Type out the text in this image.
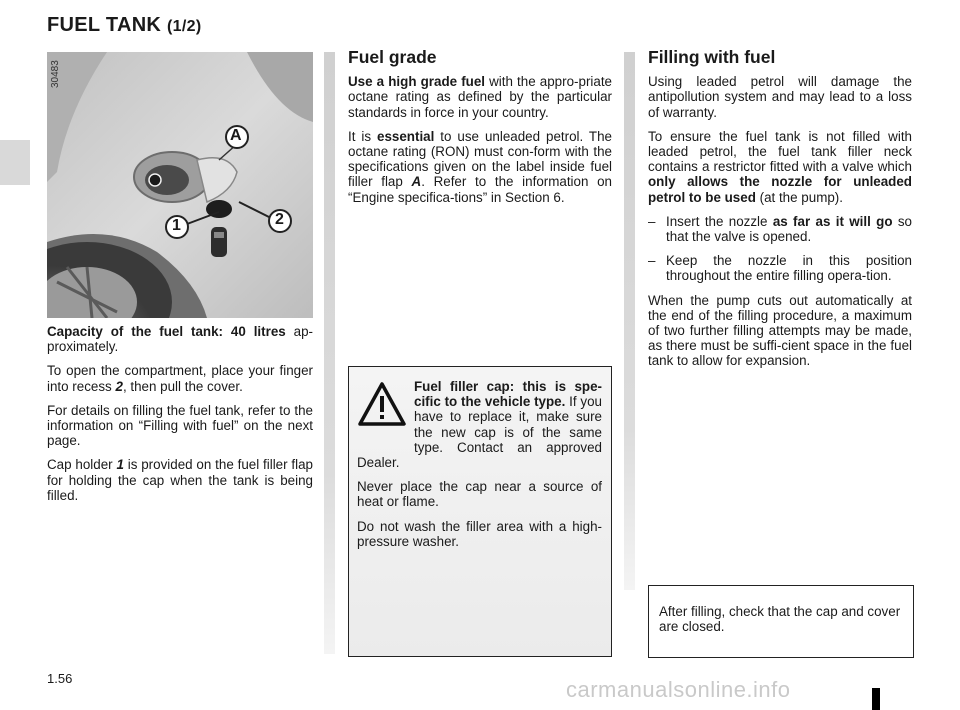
FUEL TANK (1/2)
A
1	2
30483

Capacity of the fuel tank: 40 litres ap-proximately.

To open the compartment, place your finger into recess 2, then pull the cover.

For details on filling the fuel tank, refer to the information on “Filling with fuel” on the next page.

Cap holder 1 is provided on the fuel filler flap for holding the cap when the tank is being filled.

Fuel grade

Use a high grade fuel with the appro-priate octane rating as defined by the particular standards in force in your country.

It is essential to use unleaded petrol. The octane rating (RON) must con-form with the specifications given on the label inside fuel filler flap A. Refer to the information on “Engine specifica-tions” in Section 6.

Fuel filler cap: this is spe-cific to the vehicle type. If you have to replace it, make sure the new cap is of the same type. Contact an approved Dealer.

Never place the cap near a source of heat or flame.

Do not wash the filler area with a high-pressure washer.

Filling with fuel

Using leaded petrol will damage the antipollution system and may lead to a loss of warranty.

To ensure the fuel tank is not filled with leaded petrol, the fuel tank filler neck contains a restrictor fitted with a valve which only allows the nozzle for unleaded petrol to be used (at the pump).

– Insert the nozzle as far as it will go so that the valve is opened.

– Keep the nozzle in this position throughout the entire filling opera-tion.

When the pump cuts out automatically at the end of the filling procedure, a maximum of two further filling attempts may be made, as there must be suffi-cient space in the fuel tank to allow for expansion.

After filling, check that the cap and cover are closed.
1.56	carmanualsonline.info
